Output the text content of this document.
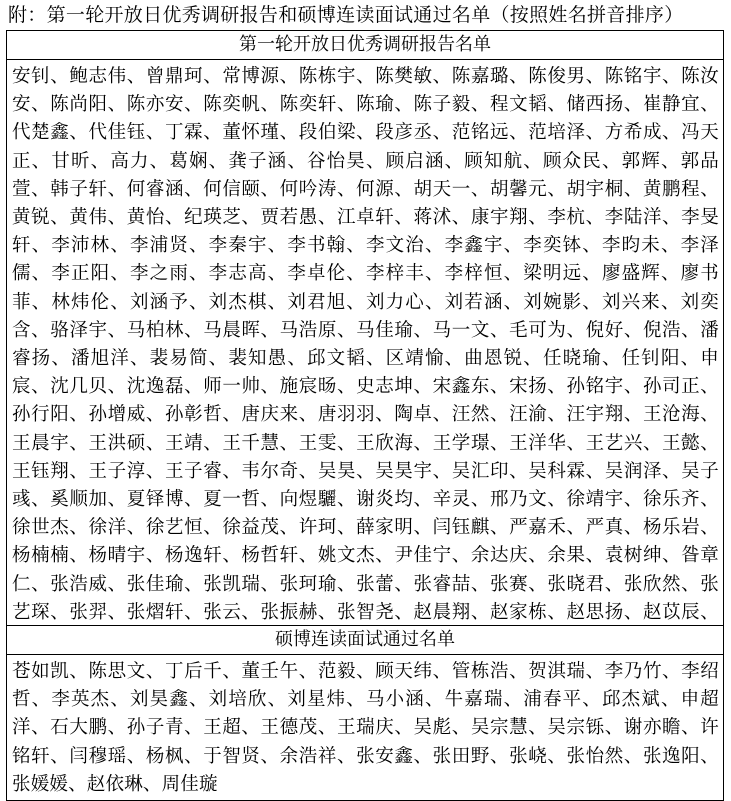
附：第一轮开放日优秀调研报告和硕博连读面试通过名单（按照姓名拼音排序）
第一轮开放日优秀调研报告名单
安钊、鲍志伟、曾鼎珂、常博源、陈栋宇、陈樊敏、陈嘉璐、陈俊男、陈铭宇、陈汝安、陈尚阳、陈亦安、陈奕帆、陈奕轩、陈瑜、陈子毅、程文韬、储西扬、崔静宜、代楚鑫、代佳钰、丁霖、董怀瑾、段伯梁、段彦丞、范铭远、范培泽、方希成、冯天正、甘昕、高力、葛娴、龚子涵、谷怡昊、顾启涵、顾知航、顾众民、郭辉、郭品萱、韩子轩、何睿涵、何信颐、何吟涛、何源、胡天一、胡馨元、胡宇桐、黄鹏程、黄锐、黄伟、黄怡、纪瑛芝、贾若愚、江卓轩、蒋沭、康宇翔、李杭、李陆洋、李旻轩、李沛林、李浦贤、李秦宇、李书翰、李文治、李鑫宇、李奕钵、李昀未、李泽儒、李正阳、李之雨、李志高、李卓伦、李梓丰、李梓恒、梁明远、廖盛辉、廖书菲、林炜伦、刘涵予、刘杰棋、刘君旭、刘力心、刘若涵、刘婉影、刘兴来、刘奕含、骆泽宇、马柏林、马晨晖、马浩原、马佳瑜、马一文、毛可为、倪好、倪浩、潘睿扬、潘旭洋、裴易简、裴知愚、邱文韬、区靖愉、曲恩锐、任晓瑜、任钊阳、申宸、沈几贝、沈逸磊、师一帅、施宸旸、史志坤、宋鑫东、宋扬、孙铭宇、孙司正、孙行阳、孙增威、孙彰哲、唐庆来、唐羽羽、陶卓、汪然、汪渝、汪宇翔、王沧海、王晨宇、王洪硕、王靖、王千慧、王雯、王欣海、王学璟、王洋华、王艺兴、王懿、王钰翔、王子淳、王子睿、韦尔奇、吴昊、吴昊宇、吴汇印、吴科霖、吴润泽、吴子彧、奚顺加、夏铎博、夏一哲、向煜驪、谢炎均、辛灵、邢乃文、徐靖宇、徐乐齐、徐世杰、徐洋、徐艺恒、徐益茂、许珂、薛家明、闫钰麒、严嘉禾、严真、杨乐岩、杨楠楠、杨晴宇、杨逸轩、杨哲轩、姚文杰、尹佳宁、余达庆、余果、袁树绅、昝章仁、张浩威、张佳瑜、张凯瑞、张珂瑜、张蕾、张睿喆、张赛、张晓君、张欣然、张艺琛、张羿、张熠轩、张云、张振赫、张智尧、赵晨翔、赵家栋、赵思扬、赵苡辰、
硕博连读面试通过名单
苍如凯、陈思文、丁后千、董壬午、范毅、顾天纬、管栋浩、贺淇瑞、李乃竹、李绍哲、李英杰、刘昊鑫、刘培欣、刘星炜、马小涵、牛嘉瑞、浦春平、邱杰斌、申超洋、石大鹏、孙子青、王超、王德茂、王瑞庆、吴彪、吴宗慧、吴宗铄、谢亦瞻、许铭轩、闫穆瑶、杨枫、于智贤、余浩祥、张安鑫、张田野、张峣、张怡然、张逸阳、张媛媛、赵依琳、周佳璇
